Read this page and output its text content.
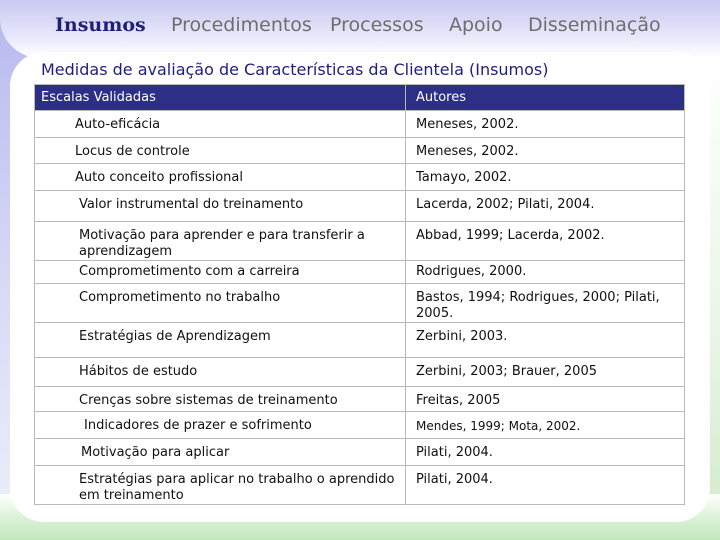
Insumos Procedimentos Processos Apoio Disseminação
Medidas de avaliação de Características da Clientela (Insumos)
Escalas Validadas	Autores
Auto-eficácia	Meneses, 2002.
Locus de controle	Meneses, 2002.
Auto conceito profissional	Tamayo, 2002.
Valor instrumental do treinamento	Lacerda, 2002; Pilati, 2004.
Motivação para aprender e para transferir a aprendizagem	Abbad, 1999; Lacerda, 2002.
Comprometimento com a carreira	Rodrigues, 2000.
Comprometimento no trabalho	Bastos, 1994; Rodrigues, 2000; Pilati, 2005.
Estratégias de Aprendizagem	Zerbini, 2003.
Hábitos de estudo	Zerbini, 2003; Brauer, 2005
Crenças sobre sistemas de treinamento	Freitas, 2005
Indicadores de prazer e sofrimento	Mendes, 1999; Mota, 2002.
Motivação para aplicar	Pilati, 2004.
Estratégias para aplicar no trabalho o aprendido em treinamento	Pilati, 2004.
